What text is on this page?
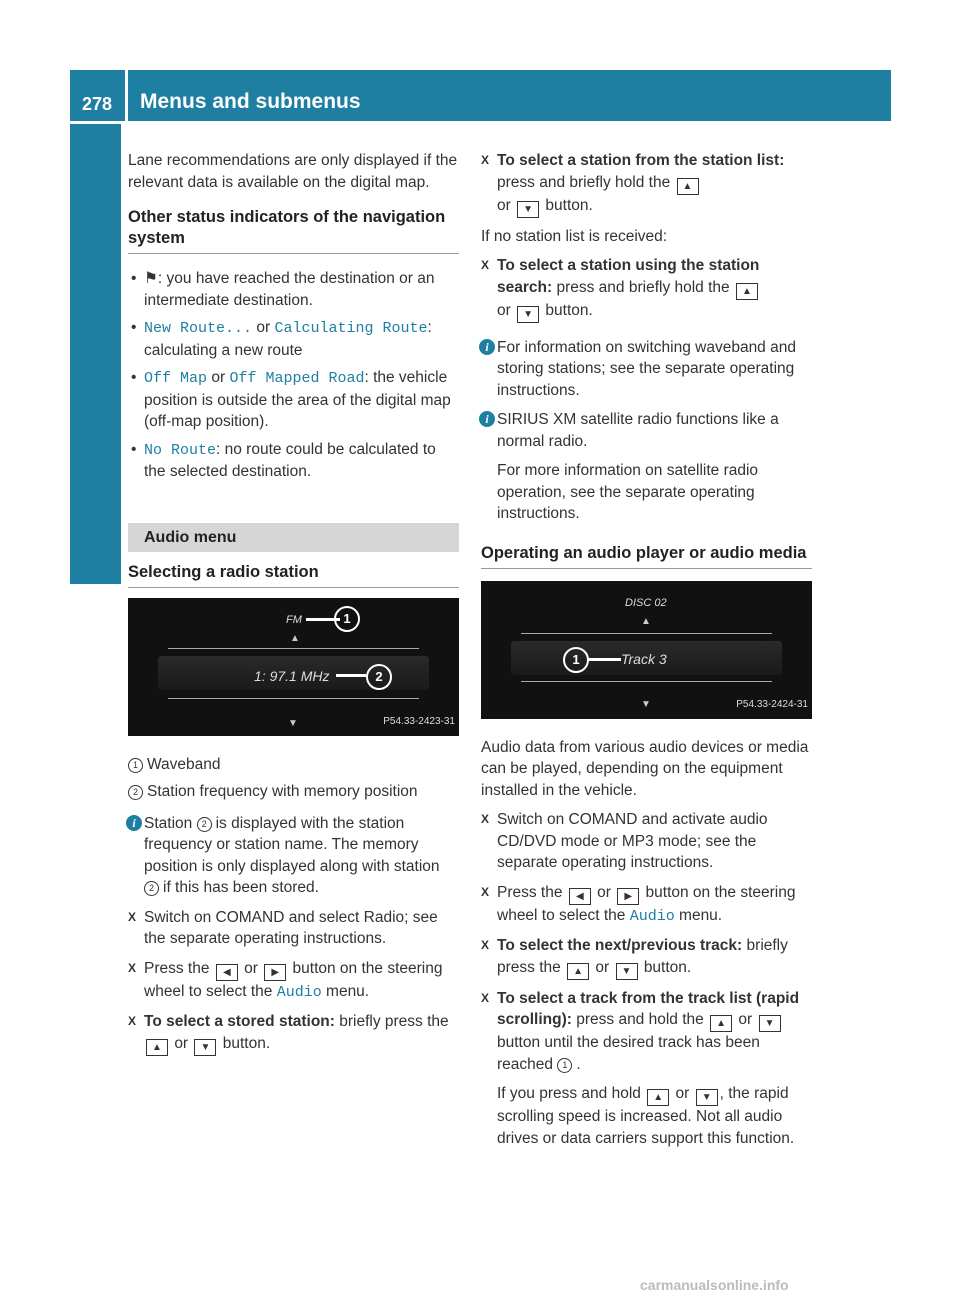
278 Menus and submenus
On-board computer and displays

Lane recommendations are only displayed if the relevant data is available on the digital map.

Other status indicators of the navigation system
• ⚑: you have reached the destination or an intermediate destination.
• New Route... or Calculating Route: calculating a new route
• Off Map or Off Mapped Road: the vehicle position is outside the area of the digital map (off-map position).
• No Route: no route could be calculated to the selected destination.
Audio menu
Selecting a radio station
FM	1
▲
1: 97.1 MHz	2
▼	P54.33-2423-31
1 Waveband
2 Station frequency with memory position
i Station 2 is displayed with the station frequency or station name. The memory position is only displayed along with station 2 if this has been stored.
X Switch on COMAND and select Radio; see the separate operating instructions.
X Press the ◀ or ▶ button on the steering wheel to select the Audio menu.
X To select a stored station: briefly press the ▲ or ▼ button.
X To select a station from the station list: press and briefly hold the ▲
or ▼ button.

If no station list is received:

X To select a station using the station search: press and briefly hold the ▲
or ▼ button.
i For information on switching waveband and storing stations; see the separate operating instructions.
i SIRIUS XM satellite radio functions like a normal radio.

For more information on satellite radio operation, see the separate operating instructions.

Operating an audio player or audio media
DISC 02
▲
1	Track 3
▼	P54.33-2424-31

Audio data from various audio devices or media can be played, depending on the equipment installed in the vehicle.

X Switch on COMAND and activate audio CD/DVD mode or MP3 mode; see the separate operating instructions.
X Press the ◀ or ▶ button on the steering wheel to select the Audio menu.
X To select the next/previous track: briefly press the ▲ or ▼ button.
X To select a track from the track list (rapid scrolling): press and hold the ▲ or ▼ button until the desired track has been reached 1 .

If you press and hold ▲ or ▼ , the rapid scrolling speed is increased. Not all audio drives or data carriers support this function.

carmanualsonline.info
